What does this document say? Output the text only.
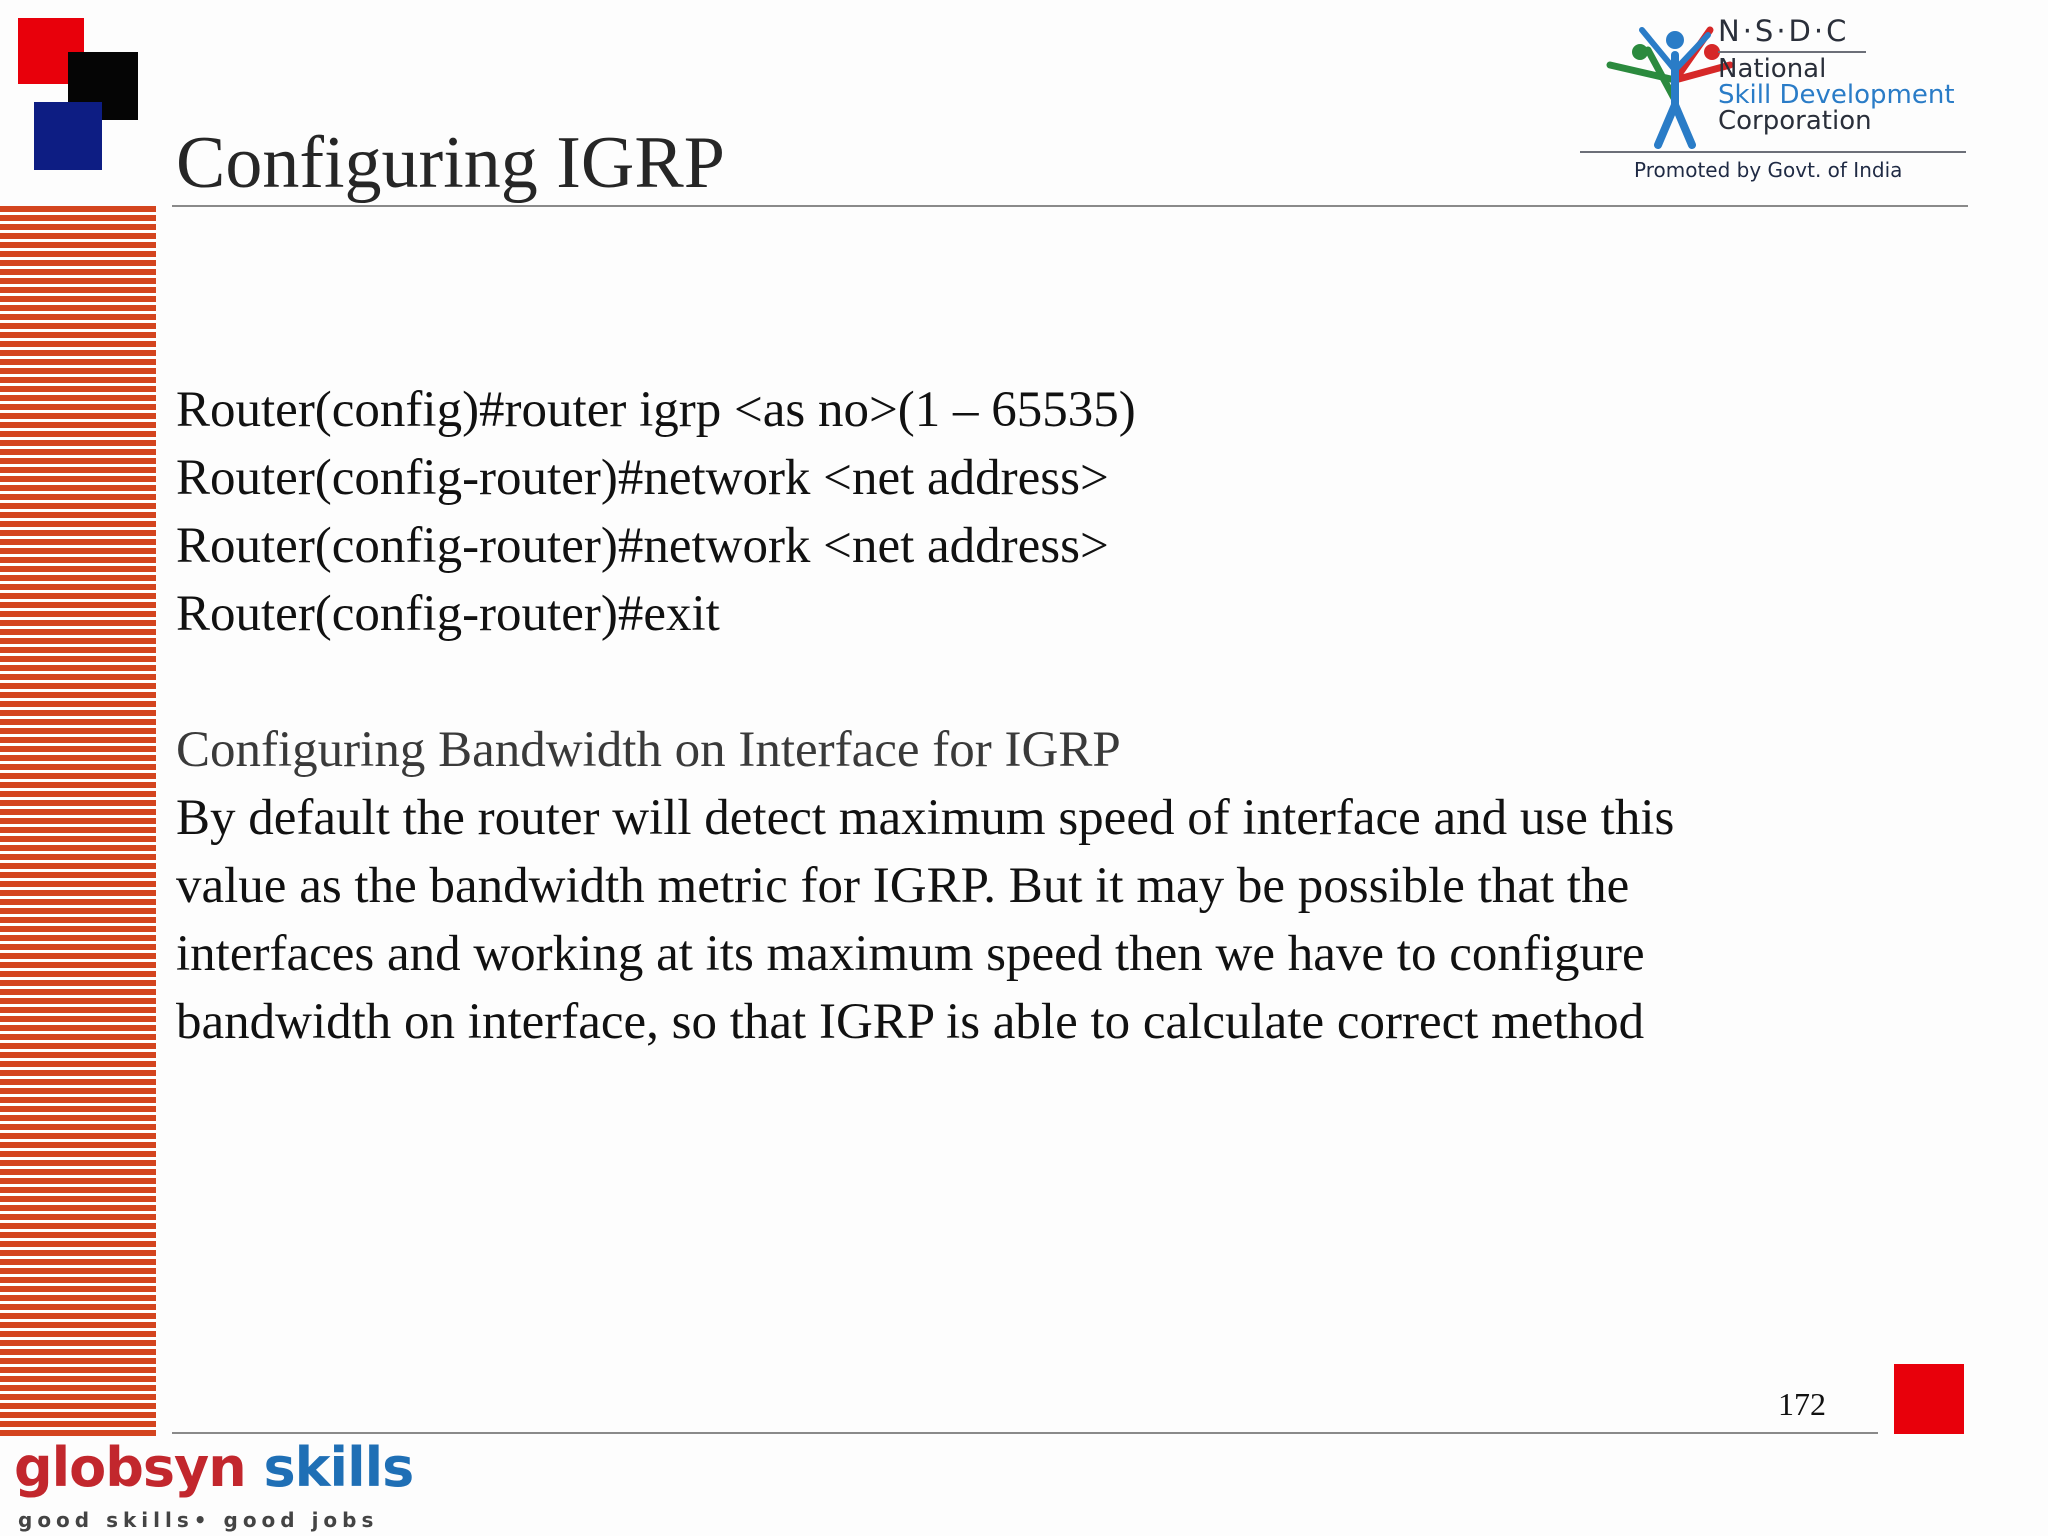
Configuring IGRP
N·S·D·C
National
Skill Development
Corporation
Promoted by Govt. of India
Router(config)#router igrp <as no>(1 – 65535)
Router(config-router)#network <net address>
Router(config-router)#network <net address>
Router(config-router)#exit
Configuring Bandwidth on Interface for IGRP
By default the router will detect maximum speed of interface and use this
value as the bandwidth metric for IGRP. But it may be possible that the
interfaces and working at its maximum speed then we have to configure
bandwidth on interface, so that IGRP is able to calculate correct method
172
globsyn skills
good skills• good jobs
